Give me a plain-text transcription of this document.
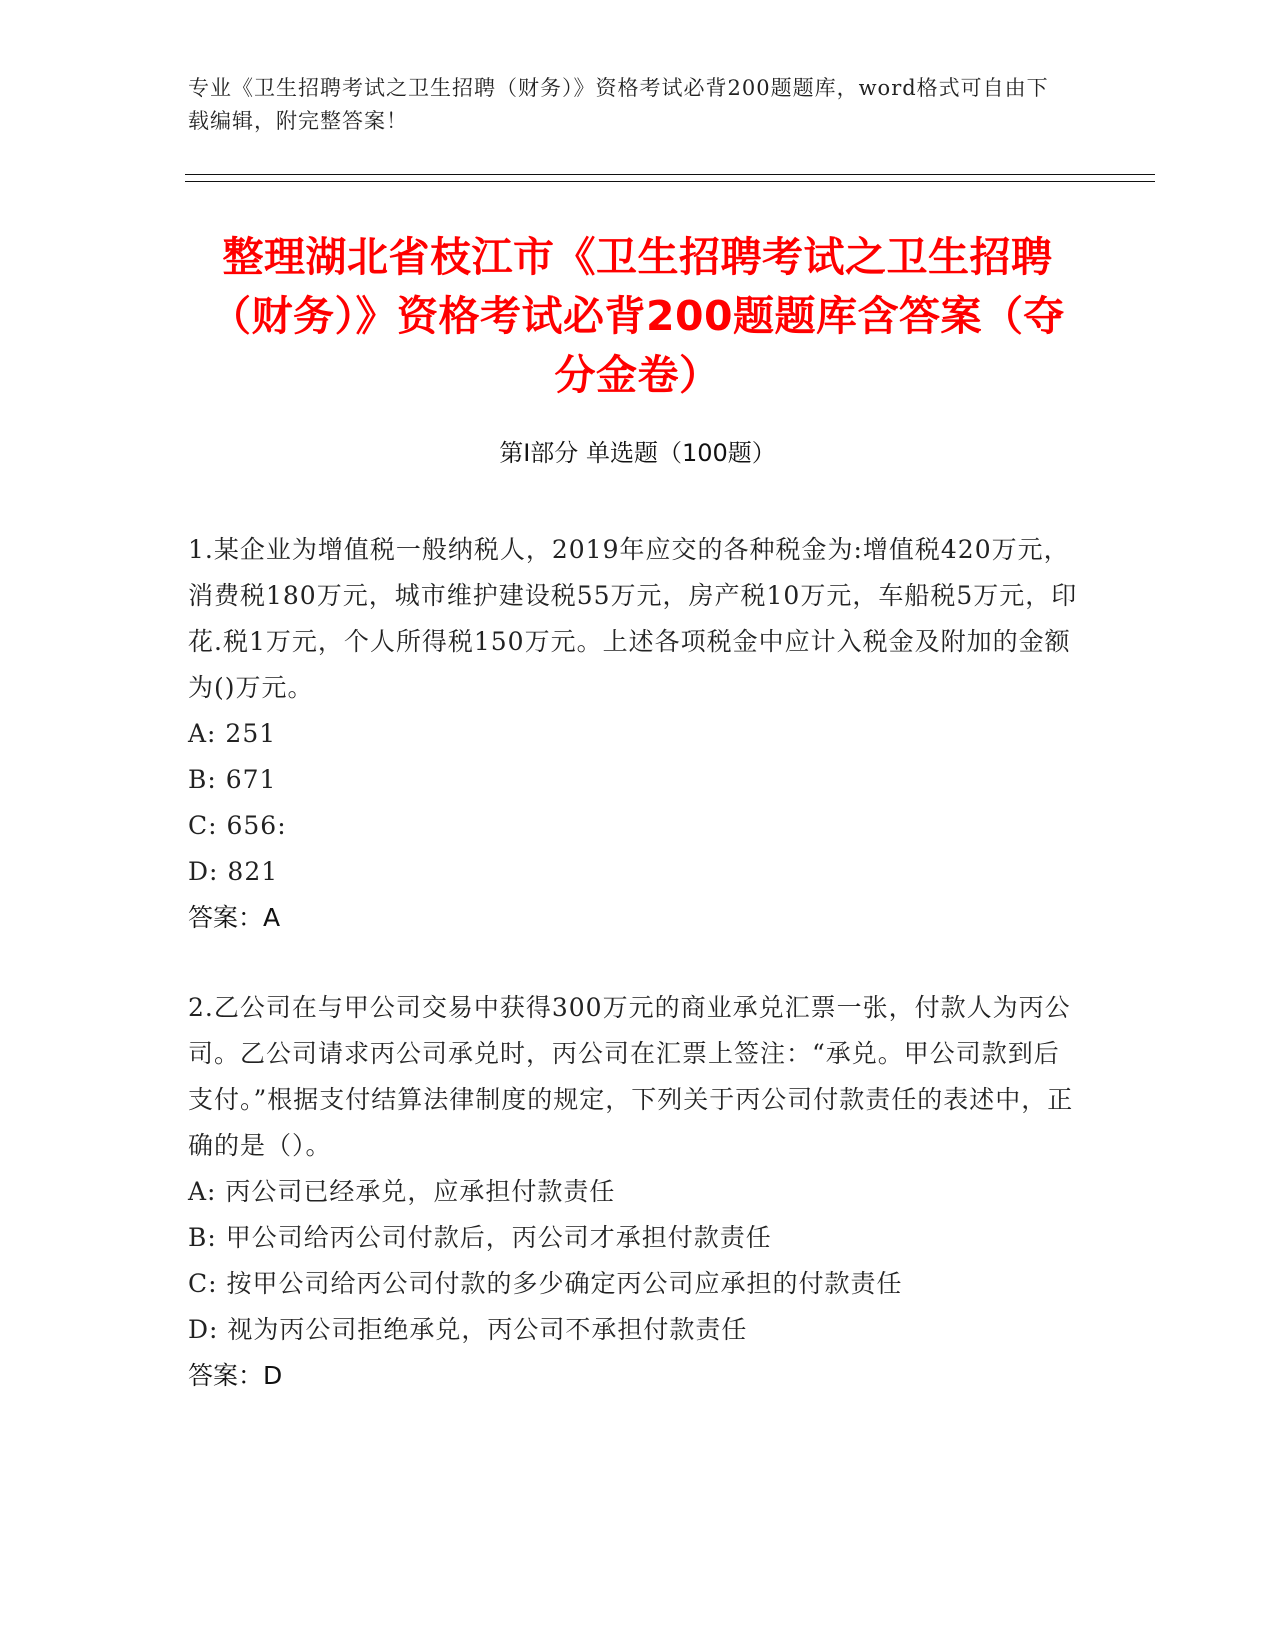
专业《卫生招聘考试之卫生招聘（财务）》资格考试必背200题题库，word格式可自由下载编辑，附完整答案！
整理湖北省枝江市《卫生招聘考试之卫生招聘（财务）》资格考试必背200题题库含答案（夺分金卷）
第Ⅰ部分 单选题（100题）

1.某企业为增值税一般纳税人，2019年应交的各种税金为:增值税420万元，消费税180万元，城市维护建设税55万元，房产税10万元，车船税5万元，印花.税1万元，个人所得税150万元。上述各项税金中应计入税金及附加的金额为()万元。

A: 251

B: 671

C: 656:

D: 821

答案：A

2.乙公司在与甲公司交易中获得300万元的商业承兑汇票一张，付款人为丙公司。乙公司请求丙公司承兑时，丙公司在汇票上签注：“承兑。甲公司款到后支付。”根据支付结算法律制度的规定，下列关于丙公司付款责任的表述中，正确的是（）。

A: 丙公司已经承兑，应承担付款责任

B: 甲公司给丙公司付款后，丙公司才承担付款责任

C: 按甲公司给丙公司付款的多少确定丙公司应承担的付款责任

D: 视为丙公司拒绝承兑，丙公司不承担付款责任

答案：D
